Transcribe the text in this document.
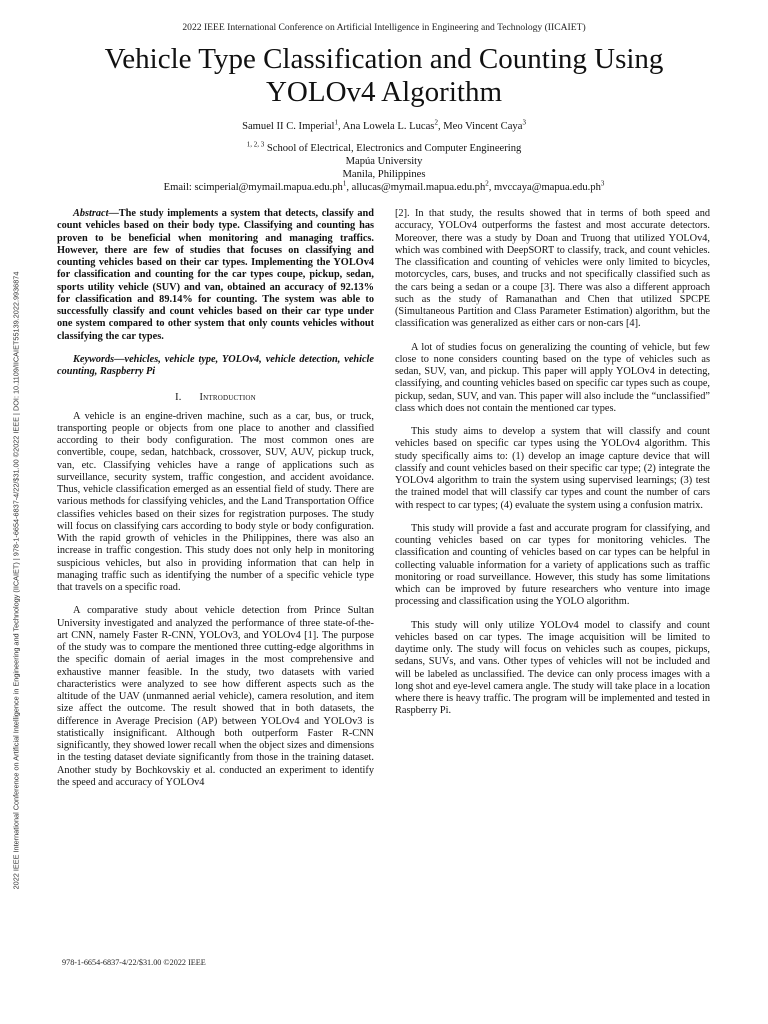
2022 IEEE International Conference on Artificial Intelligence in Engineering and Technology (IICAIET)
Vehicle Type Classification and Counting Using YOLOv4 Algorithm
Samuel II C. Imperial$^1$, Ana Lowela L. Lucas$^2$, Meo Vincent Caya$^3$
$^{1, 2, 3}$ School of Electrical, Electronics and Computer Engineering
Mapúa University
Manila, Philippines
Email: $scimperial@mymail.mapua.edu.ph^1$, $allucas@mymail.mapua.edu.ph^2$, $mvccaya@mapua.edu.ph^3$
2022 IEEE International Conference on Artificial Intelligence in Engineering and Technology (IICAIET) | 978-1-6654-6837-4/22/$31.00 ©2022 IEEE | DOI: 10.1109/IICAIET55139.2022.9936874

Abstract—The study implements a system that detects, classify and count vehicles based on their body type. Classifying and counting has proven to be beneficial when monitoring and managing traffics. However, there are few of studies that focuses on classifying and counting vehicles based on their car types. Implementing the YOLOv4 for classification and counting for the car types coupe, pickup, sedan, sports utility vehicle (SUV) and van, obtained an accuracy of 92.13% for classification and 89.14% for counting. The system was able to successfully classify and count vehicles based on their car type under one system compared to other system that only counts vehicles without classifying the car types.

Keywords—vehicles, vehicle type, YOLOv4, vehicle detection, vehicle counting, Raspberry Pi

I. Introduction

A vehicle is an engine-driven machine, such as a car, bus, or truck, transporting people or objects from one place to another and classified according to their body configuration. The most common ones are convertible, coupe, sedan, hatchback, crossover, SUV, AUV, pickup truck, van, etc. Classifying vehicles have a range of applications such as surveillance, security system, traffic congestion, and accident avoidance. Thus, vehicle classification emerged as an essential field of study. There are various methods for classifying vehicles, and the Land Transportation Office classifies vehicles based on their sizes for registration purposes. The study will focus on classifying cars according to body style or body configuration. With the rapid growth of vehicles in the Philippines, there was also an increase in traffic congestion. This study does not only help in monitoring suspicious vehicles, but also in providing information that can help in managing traffic such as identifying the number of a specific vehicle type that travels on a specific road.

A comparative study about vehicle detection from Prince Sultan University investigated and analyzed the performance of three state-of-the-art CNN, namely Faster R-CNN, YOLOv3, and YOLOv4 [1]. The purpose of the study was to compare the mentioned three cutting-edge algorithms in the specific domain of aerial images in the most comprehensive and exhaustive manner feasible. In the study, two datasets with varied characteristics were analyzed to see how different aspects such as the altitude of the UAV (unmanned aerial vehicle), camera resolution, and item size affect the outcome. The result showed that in both datasets, the difference in Average Precision (AP) between YOLOv4 and YOLOv3 is statistically insignificant. Although both outperform Faster R-CNN significantly, they showed lower recall when the object sizes and dimensions in the testing dataset deviate significantly from those in the training dataset. Another study by Bochkovskiy et al. conducted an experiment to identify the speed and accuracy of YOLOv4

[2]. In that study, the results showed that in terms of both speed and accuracy, YOLOv4 outperforms the fastest and most accurate detectors. Moreover, there was a study by Doan and Truong that utilized YOLOv4, which was combined with DeepSORT to classify, track, and count vehicles. The classification and counting of vehicles were only limited to bicycles, motorcycles, cars, buses, and trucks and not specifically classified such as the cars being a sedan or a coupe [3]. There was also a different approach such as the study of Ramanathan and Chen that utilized SPCPE (Simultaneous Partition and Class Parameter Estimation) algorithm, but the classification was generalized as either cars or non-cars [4].

A lot of studies focus on generalizing the counting of vehicle, but few close to none considers counting based on the type of vehicles such as sedan, SUV, van, and pickup. This paper will apply YOLOv4 in detecting, classifying, and counting vehicles based on specific car types such as coupe, pickup, sedan, SUV, and van. This paper will also include the “unclassified” class which does not contain the mentioned car types.

This study aims to develop a system that will classify and count vehicles based on specific car types using the YOLOv4 algorithm. This study specifically aims to: (1) develop an image capture device that will classify and count vehicles based on their specific car type; (2) integrate the YOLOv4 algorithm to train the system using supervised learnings; (3) test the trained model that will classify car types and count the number of cars with respect to car types; (4) evaluate the system using a confusion matrix.

This study will provide a fast and accurate program for classifying, and counting vehicles based on car types for monitoring vehicles. The classification and counting of vehicles based on car types can be helpful in collecting valuable information for a variety of applications such as traffic monitoring or road surveillance. However, this study has some limitations which can be improved by future researchers who venture into image processing and classification using the YOLO algorithm.

This study will only utilize YOLOv4 model to classify and count vehicles based on car types. The image acquisition will be limited to daytime only. The study will focus on vehicles such as coupes, pickups, sedans, SUVs, and vans. Other types of vehicles will not be included and will be labeled as unclassified. The device can only process images with a long shot and eye-level camera angle. The study will take place in a location where there is heavy traffic. The program will be implemented and tested in Raspberry Pi.

978-1-6654-6837-4/22/$31.00 ©2022 IEEE
